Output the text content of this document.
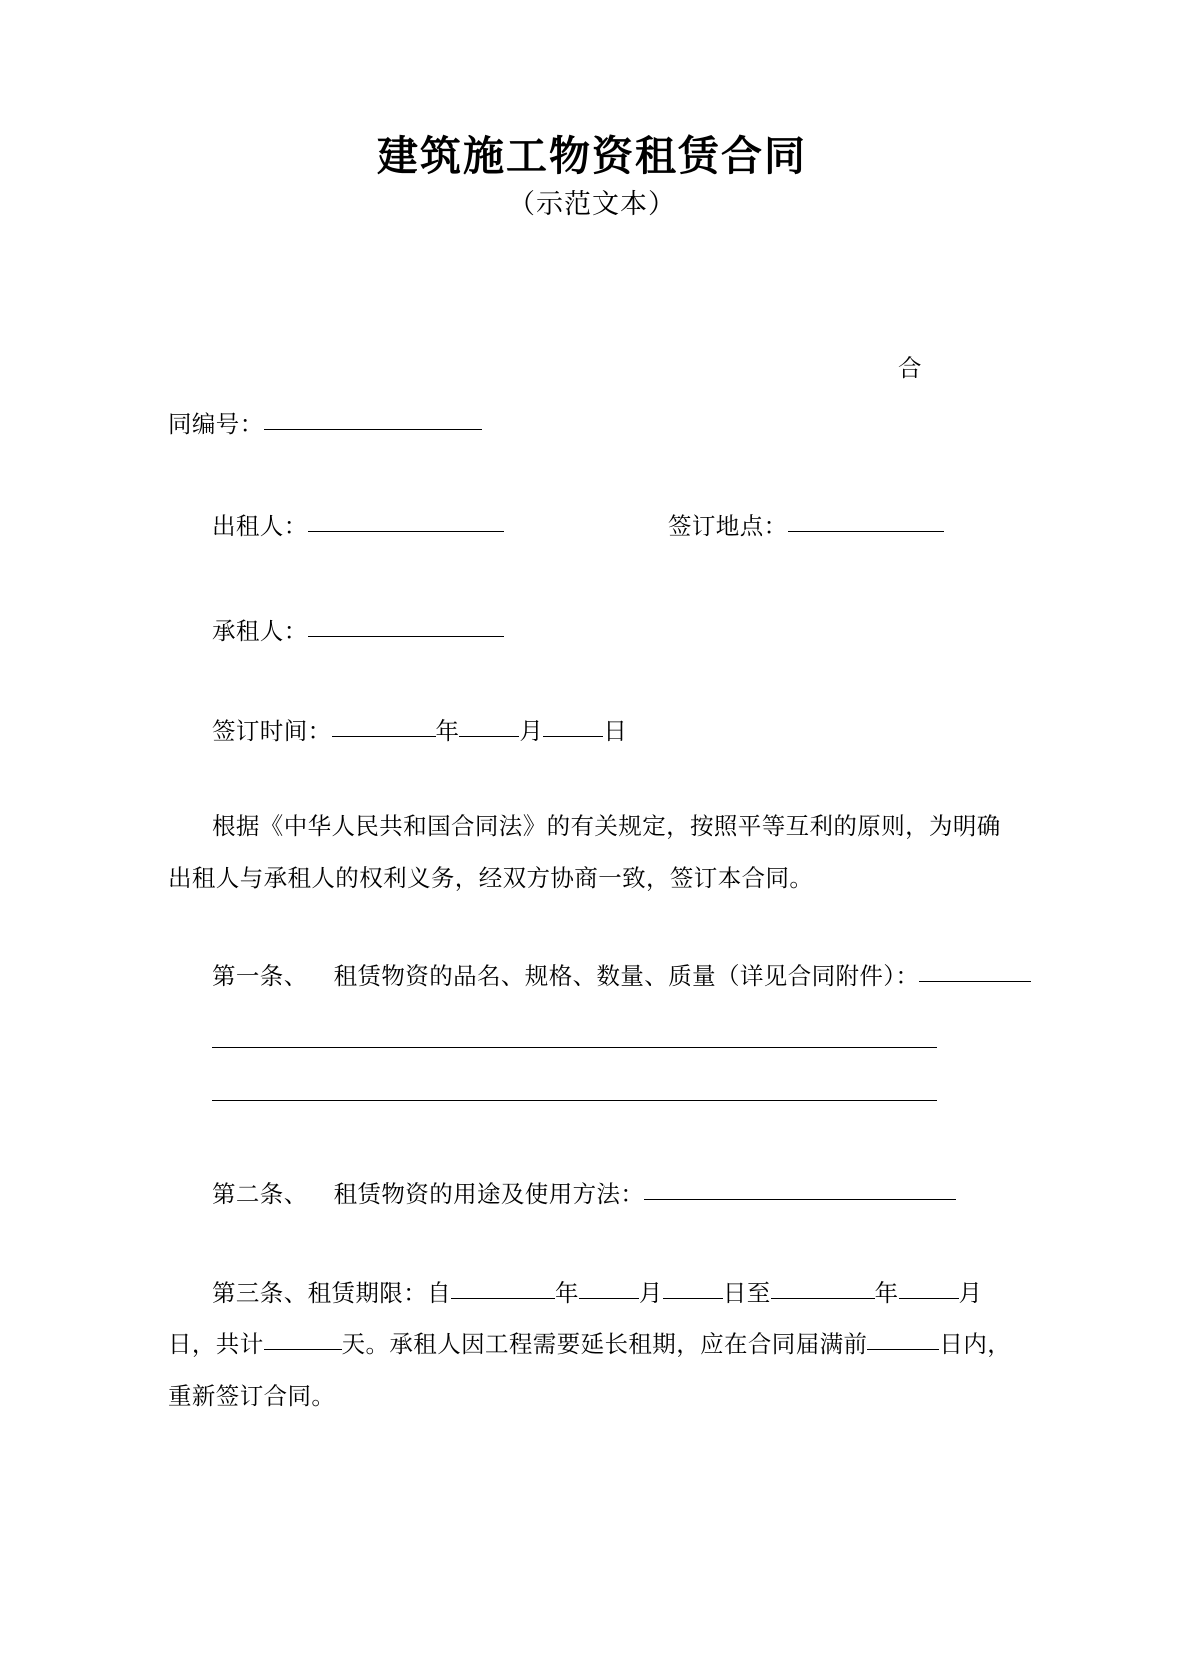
建筑施工物资租赁合同
（示范文本）
合
同编号：
出租人：	签订地点：
承租人：
签订时间：	年	月	日
根据《中华人民共和国合同法》的有关规定，按照平等互利的原则，为明确
出租人与承租人的权利义务，经双方协商一致，签订本合同。
第一条、 租赁物资的品名、规格、数量、质量（详见合同附件）：
第二条、 租赁物资的用途及使用方法：
第三条、租赁期限：自	年	月	日至	年	月
日，共计	天。承租人因工程需要延长租期，应在合同届满前	日内，
重新签订合同。
